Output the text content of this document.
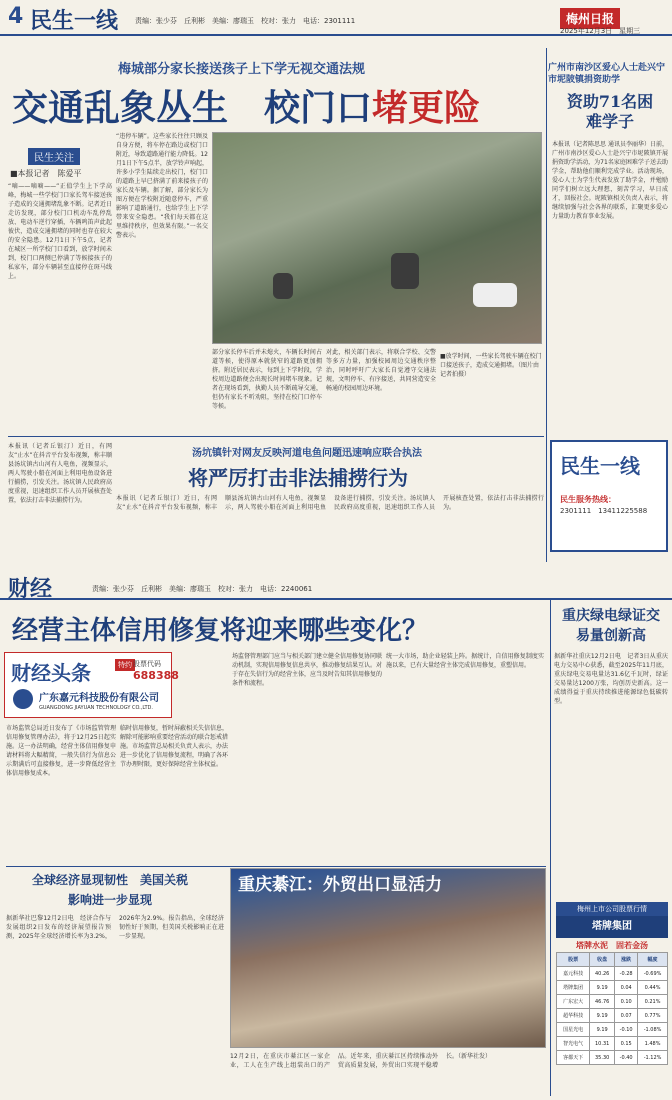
4 民生一线 责编：张少芬　丘利彬　美编：廖瑞玉　校对：张力　电话：2301111	梅州日报
2025年12月3日　星期三
梅城部分家长接送孩子上下学无视交通法规
交通乱象丛生　校门口堵更险
民生关注
■本报记者　陈爱平
“嘀——嘀嘀——”正值学生上下学高峰，梅城一些学校门口家长驾车接送孩子造成的交通拥堵乱象不断。记者近日走访发现，部分校门口机动车乱停乱放、电动车逆行穿插，车辆鸣笛声此起彼伏，造成交通拥堵的同时也存在较大的安全隐患。12月1日下午5点，记者在城区一所学校门口看到，放学时间未到，校门口两侧已停满了等候接孩子的私家车，部分车辆甚至直接停在斑马线上。
“违停车辆”。这些家长往往只顾及自身方便，将车停在路边或校门口附近，导致道路通行能力降低。12月1日下午5点半，放学铃声响起，许多小学生陆续走出校门，校门口的道路上早已挤满了前来接孩子的家长及车辆。据了解，部分家长为图方便在学校附近随意停车，严重影响了道路通行，也给学生上下学带来安全隐患。“我们每天都在这里维持秩序，但效果有限。”一名交警表示。
部分家长停车后并未熄火，车辆长时间占道等候，使得原本就狭窄的道路更加拥挤。附近居民表示，每到上下学时段，学校周边道路便会出现长时间堵车现象。记者在现场看到，执勤人员不断疏导交通，但仍有家长不听劝阻，坚持在校门口停车等候。
对此，相关部门表示，将联合学校、交警等多方力量，加强校园周边交通秩序整治，同时呼吁广大家长自觉遵守交通法规，文明停车、有序接送，共同营造安全畅通的校园周边环境。
■放学时间，一些家长驾驶车辆在校门口接送孩子，造成交通拥堵。（图片由记者拍摄）
广州市南沙区爱心人士赴兴宁市坭陂镇捐资助学
资助71名困难学子
本报讯（记者陈思思 通讯员李丽华）日前，广州市南沙区爱心人士赴兴宁市坭陂镇开展捐资助学活动，为71名家庭困难学子送去助学金，帮助他们顺利完成学业。活动现场，爱心人士为学生代表发放了助学金，并勉励同学们树立远大理想，刻苦学习，早日成才，回报社会。坭陂镇相关负责人表示，将继续加强与社会各界的联系，汇聚更多爱心力量助力教育事业发展。
民生一线
民生服务热线：
2301111　13411225588
本报讯（记者丘银汀）近日，有网友“止水”在抖音平台发布视频，称丰顺县汤坑镇古山河有人电鱼，视频显示，两人驾驶小船在河面上利用电鱼设备进行捕捞，引发关注。汤坑镇人民政府高度重视，迅速组织工作人员开展核查处置，依法打击非法捕捞行为。
汤坑镇针对网友反映河道电鱼问题迅速响应联合执法
将严厉打击非法捕捞行为
本报讯（记者丘银汀）近日，有网友“止水”在抖音平台发布视频，称丰顺县汤坑镇古山河有人电鱼，视频显示，两人驾驶小船在河面上利用电鱼设备进行捕捞，引发关注。汤坑镇人民政府高度重视，迅速组织工作人员开展核查处置，依法打击非法捕捞行为。
财经	责编：张少芬　丘利彬　美编：廖瑞玉　校对：张力　电话：2240061
经营主体信用修复将迎来哪些变化？
财经头条	特约 股票代码
688388
广东嘉元科技股份有限公司
GUANGDONG JIAYUAN TECHNOLOGY CO.,LTD.
市场监管总局近日发布了《市场监管管理信用修复管理办法》，将于12月25日起实施。这一办法明确，经营主体信用修复申请材料将大幅精简，一般失信行为信息公示期满后可直接修复，进一步降低经营主体信用修复成本。
临时信用修复，暂时屏蔽相关失信信息，解除可能影响重要经营活动的联合惩戒措施。市场监管总局相关负责人表示，办法进一步优化了信用修复流程，明确了各环节办理时限，更好保障经营主体权益。
场监督管理部门应当与相关部门建立健全信用修复协同联动机制，实现信用修复信息共享，推动修复结果互认。对于存在失信行为的经营主体，应当及时告知其信用修复的条件和流程。
统一大市场，助企业轻装上阵。据统计，自信用修复制度实施以来，已有大量经营主体完成信用修复，重塑信用。
重庆绿电绿证交易量创新高
据新华社重庆12月2日电　记者3日从重庆电力交易中心获悉，截至2025年11月底，重庆绿电交易电量达31.6亿千瓦时，绿证交易量达1200万张，均创历史新高。这一成绩得益于重庆持续推进能源绿色低碳转型。
全球经济显现韧性　美国关税影响进一步显现
据新华社巴黎12月2日电　经济合作与发展组织2日发布的经济展望报告预测，2025年全球经济增长率为3.2%，2026年为2.9%。报告指出，全球经济韧性好于预期，但美国关税影响正在进一步显现。
重庆綦江：外贸出口显活力
12月2日，在重庆市綦江区一家企业，工人在生产线上组装出口的产品。近年来，重庆綦江区持续推动外贸高质量发展，外贸出口实现平稳增长。（新华社发）
梅州上市公司股票行情
塔牌集团
塔牌水泥　固若金汤
股票	收盘	涨跌	幅度
嘉元科技	40.26	-0.28	-0.69%
塔牌集团	9.19	0.04	0.44%
广东宏大	46.76	0.10	0.21%
超华科技	9.19	0.07	0.77%
国星光电	9.19	-0.10	-1.08%
智光电气	10.31	0.15	1.48%
客都天下	35.30	-0.40	-1.12%
